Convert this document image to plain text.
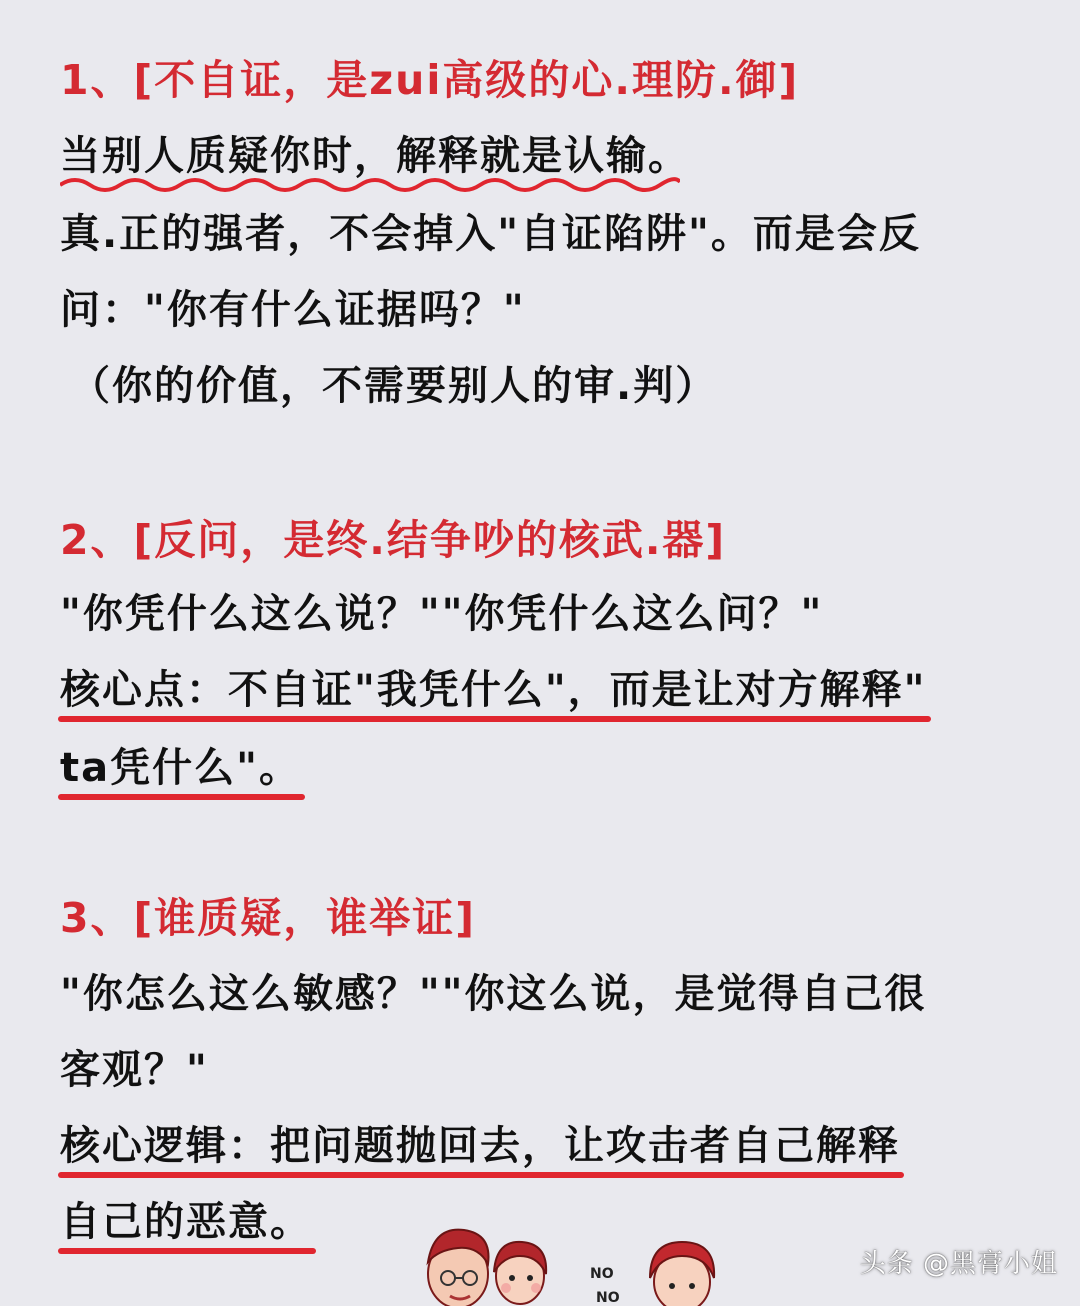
1、[不自证，是zui高级的心.理防.御]
当别人质疑你时，解释就是认输。
真.正的强者，不会掉入"自证陷阱"。而是会反
问："你有什么证据吗？"
（你的价值，不需要别人的审.判）
2、[反问，是终.结争吵的核武.器]
"你凭什么这么说？""你凭什么这么问？"
核心点：不自证"我凭什么"，而是让对方解释"
ta凭什么"。
3、[谁质疑，谁举证]
"你怎么这么敏感？""你这么说，是觉得自己很
客观？"
核心逻辑：把问题抛回去，让攻击者自己解释
自己的恶意。
NO
NO
头条 @黑膏小姐
